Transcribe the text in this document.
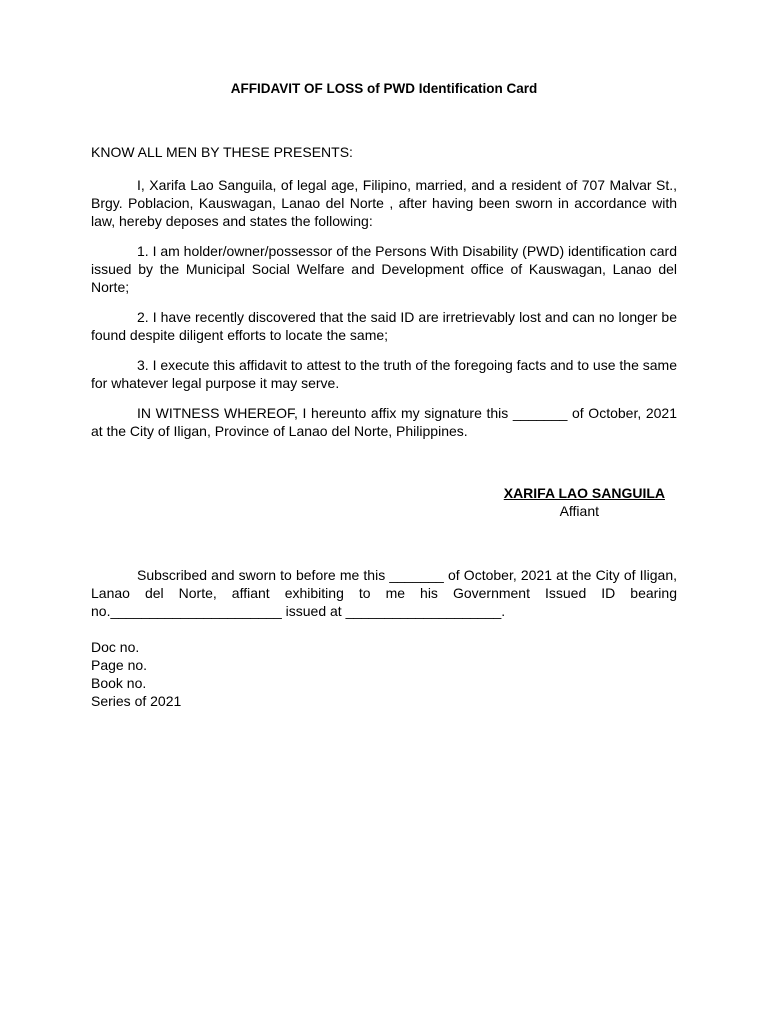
AFFIDAVIT OF LOSS of PWD Identification Card
KNOW ALL MEN BY THESE PRESENTS:

I, Xarifa Lao Sanguila, of legal age, Filipino, married, and a resident of 707 Malvar St., Brgy. Poblacion, Kauswagan, Lanao del Norte , after having been sworn in accordance with law, hereby deposes and states the following:

1. I am holder/owner/possessor of the Persons With Disability (PWD) identification card issued by the Municipal Social Welfare and Development office of Kauswagan, Lanao del Norte;

2. I have recently discovered that the said ID are irretrievably lost and can no longer be found despite diligent efforts to locate the same;

3. I execute this affidavit to attest to the truth of the foregoing facts and to use the same for whatever legal purpose it may serve.

IN WITNESS WHEREOF, I hereunto affix my signature this _______ of October, 2021 at the City of Iligan, Province of Lanao del Norte, Philippines.

XARIFA LAO SANGUILA
Affiant

Subscribed and sworn to before me this _______ of October, 2021 at the City of Iligan, Lanao del Norte, affiant exhibiting to me his Government Issued ID bearing no.______________________ issued at ____________________.

Doc no.
Page no.
Book no.
Series of 2021
